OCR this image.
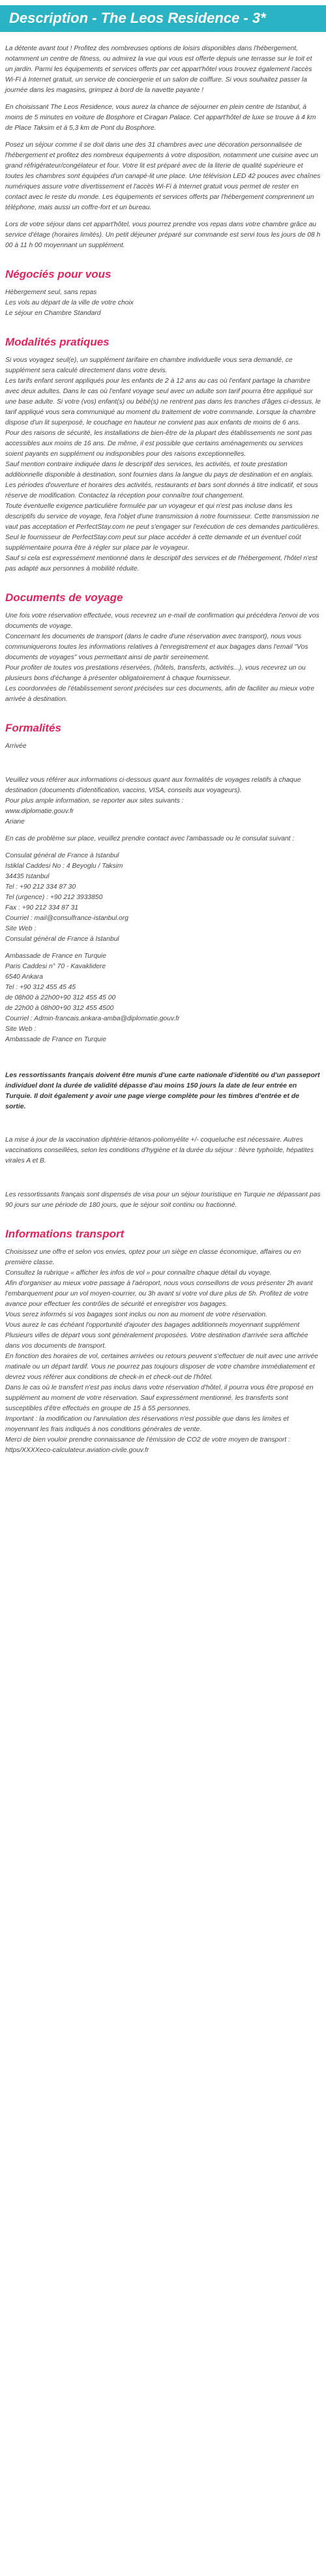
Description - The Leos Residence - 3*
La détente avant tout ! Profitez des nombreuses options de loisirs disponibles dans l'hébergement, notamment un centre de fitness, ou admirez la vue qui vous est offerte depuis une terrasse sur le toit et un jardin. Parmi les équipements et services offerts par cet appart'hôtel vous trouvez également l'accès Wi-Fi à Internet gratuit, un service de conciergerie et un salon de coiffure. Si vous souhaitez passer la journée dans les magasins, grimpez à bord de la navette payante !
En choisissant The Leos Residence, vous aurez la chance de séjourner en plein centre de Istanbul, à moins de 5 minutes en voiture de Bosphore et Ciragan Palace. Cet appart'hôtel de luxe se trouve à 4 km de Place Taksim et à 5,3 km de Pont du Bosphore.
Posez un séjour comme il se doit dans une des 31 chambres avec une décoration personnalisée de l'hébergement et profitez des nombreux équipements à votre disposition, notamment une cuisine avec un grand réfrigérateur/congélateur et four. Votre lit est préparé avec de la literie de qualité supérieure et toutes les chambres sont équipées d'un canapé-lit une place. Une télévision LED 42 pouces avec chaînes numériques assure votre divertissement et l'accès Wi-Fi à Internet gratuit vous permet de rester en contact avec le reste du monde. Les équipements et services offerts par l'hébergement comprennent un téléphone, mais aussi un coffre-fort et un bureau.
Lors de votre séjour dans cet appart'hôtel, vous pourrez prendre vos repas dans votre chambre grâce au service d'étage (horaires limités). Un petit déjeuner préparé sur commande est servi tous les jours de 08 h 00 à 11 h 00 moyennant un supplément.
Négociés pour vous
Hébergement seul, sans repas
Les vols au départ de la ville de votre choix
Le séjour en Chambre Standard
Modalités pratiques
Si vous voyagez seul(e), un supplément tarifaire en chambre individuelle vous sera demandé, ce supplément sera calculé directement dans votre devis.
Les tarifs enfant seront appliqués pour les enfants de 2 à 12 ans au cas où l'enfant partage la chambre avec deux adultes. Dans le cas où l'enfant voyage seul avec un adulte son tarif pourra être appliqué sur une base adulte. Si votre (vos) enfant(s) ou bébé(s) ne rentrent pas dans les tranches d'âges ci-dessus, le tarif appliqué vous sera communiqué au moment du traitement de votre commande. Lorsque la chambre dispose d'un lit superposé, le couchage en hauteur ne convient pas aux enfants de moins de 6 ans.
Pour des raisons de sécurité, les installations de bien-être de la plupart des établissements ne sont pas accessibles aux moins de 16 ans. De même, il est possible que certains aménagements ou services soient payants en supplément ou indisponibles pour des raisons exceptionnelles.
Sauf mention contraire indiquée dans le descriptif des services, les activités, et toute prestation additionnelle disponible à destination, sont fournies dans la langue du pays de destination et en anglais.
Les périodes d'ouverture et horaires des activités, restaurants et bars sont donnés à titre indicatif, et sous réserve de modification. Contactez la réception pour connaître tout changement.
Toute éventuelle exigence particulière formulée par un voyageur et qui n'est pas incluse dans les descriptifs du service de voyage, fera l'objet d'une transmission à notre fournisseur. Cette transmission ne vaut pas acceptation et PerfectStay.com ne peut s'engager sur l'exécution de ces demandes particulières. Seul le fournisseur de PerfectStay.com peut sur place accéder à cette demande et un éventuel coût supplémentaire pourra être à régler sur place par le voyageur.
Sauf si cela est expressément mentionné dans le descriptif des services et de l'hébergement, l'hôtel n'est pas adapté aux personnes à mobilité réduite.
Documents de voyage
Une fois votre réservation effectuée, vous recevrez un e-mail de confirmation qui précédera l'envoi de vos documents de voyage.
Concernant les documents de transport (dans le cadre d'une réservation avec transport), nous vous communiquerons toutes les informations relatives à l'enregistrement et aux bagages dans l'email "Vos documents de voyages" vous permettant ainsi de partir sereinement.
Pour profiter de toutes vos prestations réservées, (hôtels, transferts, activités...), vous recevrez un ou plusieurs bons d'échange à présenter obligatoirement à chaque fournisseur.
Les coordonnées de l'établissement seront précisées sur ces documents, afin de faciliter au mieux votre arrivée à destination.
Formalités
Arrivée
Veuillez vous référer aux informations ci-dessous quant aux formalités de voyages relatifs à chaque destination (documents d'identification, vaccins, VISA, conseils aux voyageurs).
Pour plus ample information, se reporter aux sites suivants :
www.diplomatie.gouv.fr
Ariane
En cas de problème sur place, veuillez prendre contact avec l'ambassade ou le consulat suivant :
Consulat général de France à Istanbul
Istiklal Caddesi No : 4 Beyoglu / Taksim
34435 Istanbul
Tel : +90 212 334 87 30
Tel (urgence) : +90 212 3933850
Fax : +90 212 334 87 31
Courriel : mail@consulfrance-istanbul.org
Site Web :
Consulat général de France à Istanbul
Ambassade de France en Turquie
Paris Caddesi n° 70 - Kavaklidere
6540 Ankara
Tel : +90 312 455 45 45
de 08h00 à 22h00+90 312 455 45 00
de 22h00 à 08h00+90 312 455 4500
Courriel : Admin-francais.ankara-amba@diplomatie.gouv.fr
Site Web :
Ambassade de France en Turquie
Les ressortissants français doivent être munis d'une carte nationale d'identité ou d'un passeport individuel dont la durée de validité dépasse d'au moins 150 jours la date de leur entrée en Turquie. Il doit également y avoir une page vierge complète pour les timbres d'entrée et de sortie.
La mise à jour de la vaccination diphtérie-tétanos-poliomyélite +/- coqueluche est nécessaire. Autres vaccinations conseillées, selon les conditions d'hygiène et la durée du séjour : fièvre typhoïde, hépatites virales A et B.
Les ressortissants français sont dispensés de visa pour un séjour touristique en Turquie ne dépassant pas 90 jours sur une période de 180 jours, que le séjour soit continu ou fractionné.
Informations transport
Choisissez une offre et selon vos envies, optez pour un siège en classe économique, affaires ou en première classe.
Consultez la rubrique « afficher les infos de vol » pour connaître chaque détail du voyage.
Afin d'organiser au mieux votre passage à l'aéroport, nous vous conseillons de vous présenter 2h avant l'embarquement pour un vol moyen-courrier, ou 3h avant si votre vol dure plus de 5h. Profitez de votre avance pour effectuer les contrôles de sécurité et enregistrer vos bagages.
Vous serez informés si vos bagages sont inclus ou non au moment de votre réservation.
Vous aurez le cas échéant l'opportunité d'ajouter des bagages additionnels moyennant supplément
Plusieurs villes de départ vous sont généralement proposées. Votre destination d'arrivée sera affichée dans vos documents de transport.
En fonction des horaires de vol, certaines arrivées ou retours peuvent s'effectuer de nuit avec une arrivée matinale ou un départ tardif. Vous ne pourrez pas toujours disposer de votre chambre immédiatement et devrez vous référer aux conditions de check-in et check-out de l'hôtel.
Dans le cas où le transfert n'est pas inclus dans votre réservation d'hôtel, il pourra vous être proposé en supplément au moment de votre réservation. Sauf expressément mentionné, les transferts sont susceptibles d'être effectués en groupe de 15 à 55 personnes.
Important : la modification ou l'annulation des réservations n'est possible que dans les limites et moyennant les frais indiqués à nos conditions générales de vente.
Merci de bien vouloir prendre connaissance de l'émission de CO2 de votre moyen de transport : https/XXXXeco-calculateur.aviation-civile.gouv.fr
